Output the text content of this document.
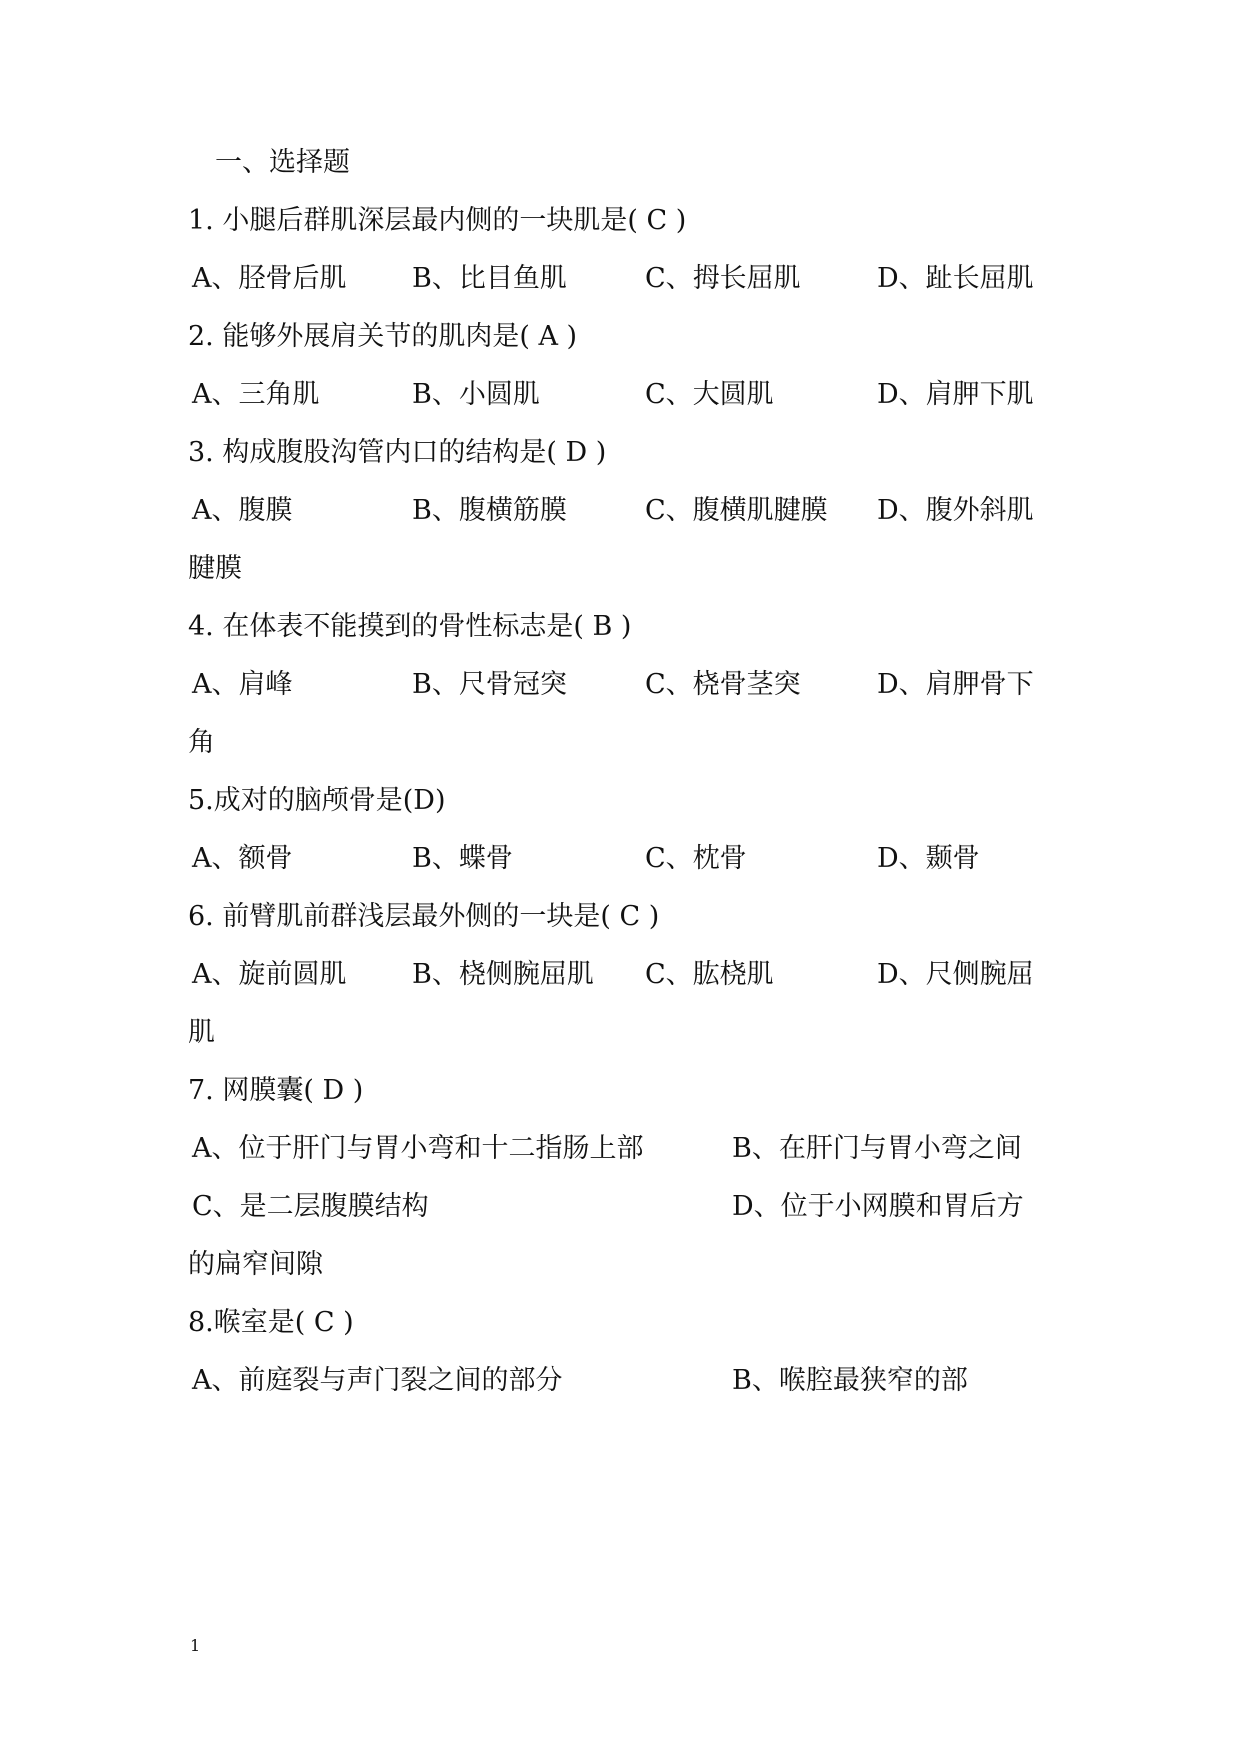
一、选择题
1. 小腿后群肌深层最内侧的一块肌是( C )
A、胫骨后肌 B、比目鱼肌	C、拇长屈肌	D、趾长屈肌
2. 能够外展肩关节的肌肉是( A )
A、三角肌	B、小圆肌	C、大圆肌	D、肩胛下肌
3. 构成腹股沟管内口的结构是( D )
A、腹膜	B、腹横筋膜	C、腹横肌腱膜 D、腹外斜肌
腱膜
4. 在体表不能摸到的骨性标志是( B )
A、肩峰	B、尺骨冠突	C、桡骨茎突	D、肩胛骨下
角
5.成对的脑颅骨是(D)
A、额骨	B、蝶骨	C、枕骨	D、颞骨
6. 前臂肌前群浅层最外侧的一块是( C )
A、旋前圆肌 B、桡侧腕屈肌 C、肱桡肌	D、尺侧腕屈
肌
7. 网膜囊( D )
A、位于肝门与胃小弯和十二指肠上部	B、在肝门与胃小弯之间
C、是二层腹膜结构	D、位于小网膜和胃后方
的扁窄间隙
8.喉室是( C )
A、前庭裂与声门裂之间的部分	B、喉腔最狭窄的部
1
